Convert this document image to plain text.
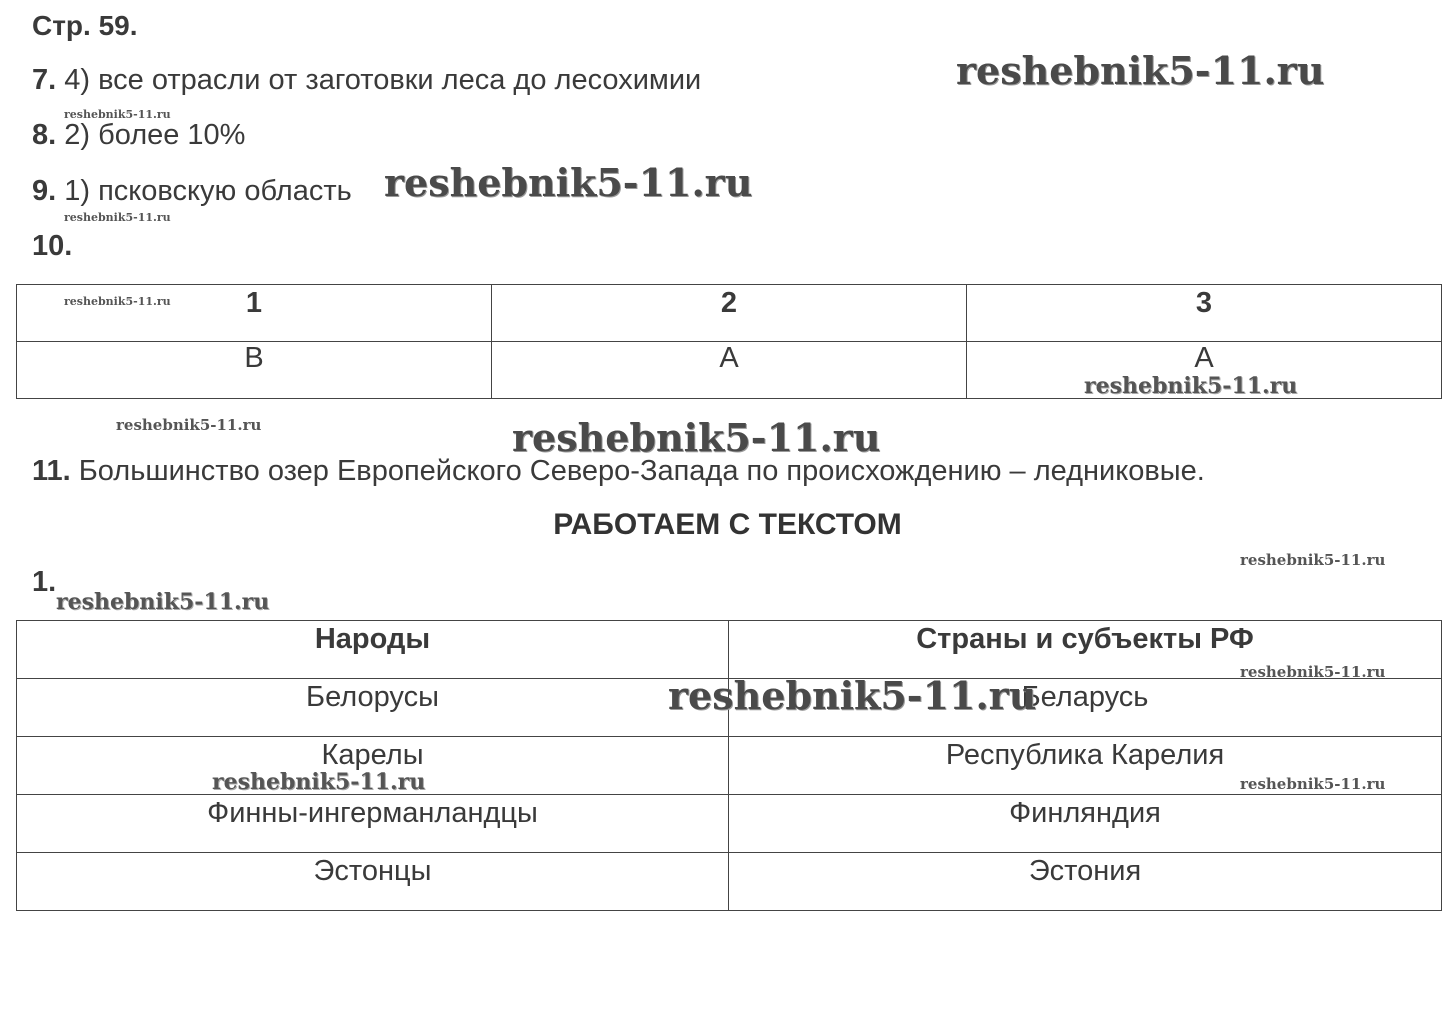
Стр. 59.
7. 4) все отрасли от заготовки леса до лесохимии
8. 2) более 10%
9. 1) псковскую область
10.
1	2	3
В	А	А
11. Большинство озер Европейского Северо-Запада по происхождению – ледниковые.
РАБОТАЕМ С ТЕКСТОМ
1.
Народы	Страны и субъекты РФ
Белорусы	Беларусь
Карелы	Республика Карелия
Финны-ингерманландцы	Финляндия
Эстонцы	Эстония
reshebnik5-11.ru
reshebnik5-11.ru
reshebnik5-11.ru
reshebnik5-11.ru
reshebnik5-11.ru
reshebnik5-11.ru
reshebnik5-11.ru	reshebnik5-11.ru
reshebnik5-11.ru
reshebnik5-11.ru
reshebnik5-11.ru
reshebnik5-11.ru
reshebnik5-11.ru	reshebnik5-11.ru
